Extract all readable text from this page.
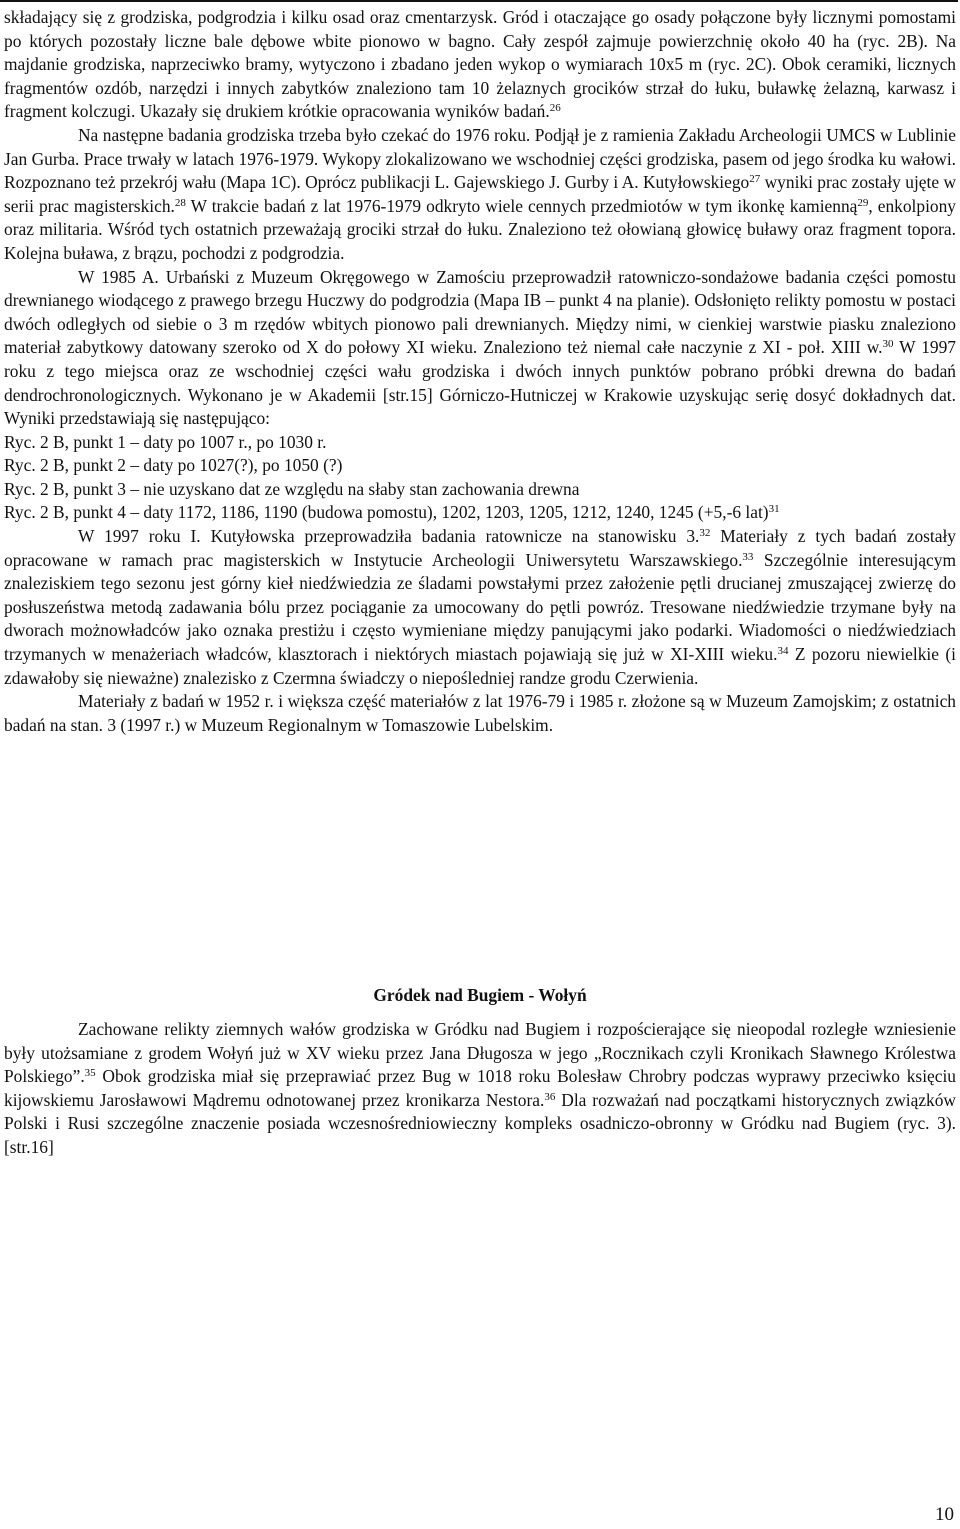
składający się z grodziska, podgrodzia i kilku osad oraz cmentarzysk. Gród i otaczające go osady połączone były licznymi pomostami po których pozostały liczne bale dębowe wbite pionowo w bagno. Cały zespół zajmuje powierzchnię około 40 ha (ryc. 2B). Na majdanie grodziska, naprzeciwko bramy, wytyczono i zbadano jeden wykop o wymiarach 10x5 m (ryc. 2C). Obok ceramiki, licznych fragmentów ozdób, narzędzi i innych zabytków znaleziono tam 10 żelaznych grocików strzał do łuku, buławkę żelazną, karwasz i fragment kolczugi. Ukazały się drukiem krótkie opracowania wyników badań.$^{26}$

Na następne badania grodziska trzeba było czekać do 1976 roku. Podjął je z ramienia Zakładu Archeologii UMCS w Lublinie Jan Gurba. Prace trwały w latach 1976-1979. Wykopy zlokalizowano we wschodniej części grodziska, pasem od jego środka ku wałowi. Rozpoznano też przekrój wału (Mapa 1C). Oprócz publikacji L. Gajewskiego J. Gurby i A. Kutyłowskiego$^{27}$ wyniki prac zostały ujęte w serii prac magisterskich.$^{28}$ W trakcie badań z lat 1976-1979 odkryto wiele cennych przedmiotów w tym ikonkę kamienną$^{29}$, enkolpiony oraz militaria. Wśród tych ostatnich przeważają grociki strzał do łuku. Znaleziono też ołowianą głowicę buławy oraz fragment topora. Kolejna buława, z brązu, pochodzi z podgrodzia.

W 1985 A. Urbański z Muzeum Okręgowego w Zamościu przeprowadził ratowniczo-sondażowe badania części pomostu drewnianego wiodącego z prawego brzegu Huczwy do podgrodzia (Mapa IB – punkt 4 na planie). Odsłonięto relikty pomostu w postaci dwóch odległych od siebie o 3 m rzędów wbitych pionowo pali drewnianych. Między nimi, w cienkiej warstwie piasku znaleziono materiał zabytkowy datowany szeroko od X do połowy XI wieku. Znaleziono też niemal całe naczynie z XI - poł. XIII w.$^{30}$ W 1997 roku z tego miejsca oraz ze wschodniej części wału grodziska i dwóch innych punktów pobrano próbki drewna do badań dendrochronologicznych. Wykonano je w Akademii [str.15] Górniczo-Hutniczej w Krakowie uzyskując serię dosyć dokładnych dat. Wyniki przedstawiają się następująco:

Ryc. 2 B, punkt 1 – daty po 1007 r., po 1030 r.

Ryc. 2 B, punkt 2 – daty po 1027(?), po 1050 (?)

Ryc. 2 B, punkt 3 – nie uzyskano dat ze względu na słaby stan zachowania drewna

Ryc. 2 B, punkt 4 – daty 1172, 1186, 1190 (budowa pomostu), 1202, 1203, 1205, 1212, 1240, 1245 (+5,-6 lat)$^{31}$

W 1997 roku I. Kutyłowska przeprowadziła badania ratownicze na stanowisku 3.32 Materiały z tych badań zostały opracowane w ramach prac magisterskich w Instytucie Archeologii Uniwersytetu Warszawskiego.$^{33}$ Szczególnie interesującym znaleziskiem tego sezonu jest górny kieł niedźwiedzia ze śladami powstałymi przez założenie pętli drucianej zmuszającej zwierzę do posłuszeństwa metodą zadawania bólu przez pociąganie za umocowany do pętli powróz. Tresowane niedźwiedzie trzymane były na dworach możnowładców jako oznaka prestiżu i często wymieniane między panującymi jako podarki. Wiadomości o niedźwiedziach trzymanych w menażeriach władców, klasztorach i niektórych miastach pojawiają się już w XI-XIII wieku.$^{34}$ Z pozoru niewielkie (i zdawałoby się nieważne) znalezisko z Czermna świadczy o niepośledniej randze grodu Czerwienia.

Materiały z badań w 1952 r. i większa część materiałów z lat 1976-79 i 1985 r. złożone są w Muzeum Zamojskim; z ostatnich badań na stan. 3 (1997 r.) w Muzeum Regionalnym w Tomaszowie Lubelskim.

Gródek nad Bugiem - Wołyń

Zachowane relikty ziemnych wałów grodziska w Gródku nad Bugiem i rozpościerające się nieopodal rozległe wzniesienie były utożsamiane z grodem Wołyń już w XV wieku przez Jana Długosza w jego „Rocznikach czyli Kronikach Sławnego Królestwa Polskiego”.$^{35}$ Obok grodziska miał się przeprawiać przez Bug w 1018 roku Bolesław Chrobry podczas wyprawy przeciwko księciu kijowskiemu Jarosławowi Mądremu odnotowanej przez kronikarza Nestora.$^{36}$ Dla rozważań nad początkami historycznych związków Polski i Rusi szczególne znaczenie posiada wczesnośredniowieczny kompleks osadniczo-obronny w Gródku nad Bugiem (ryc. 3). [str.16]

10
